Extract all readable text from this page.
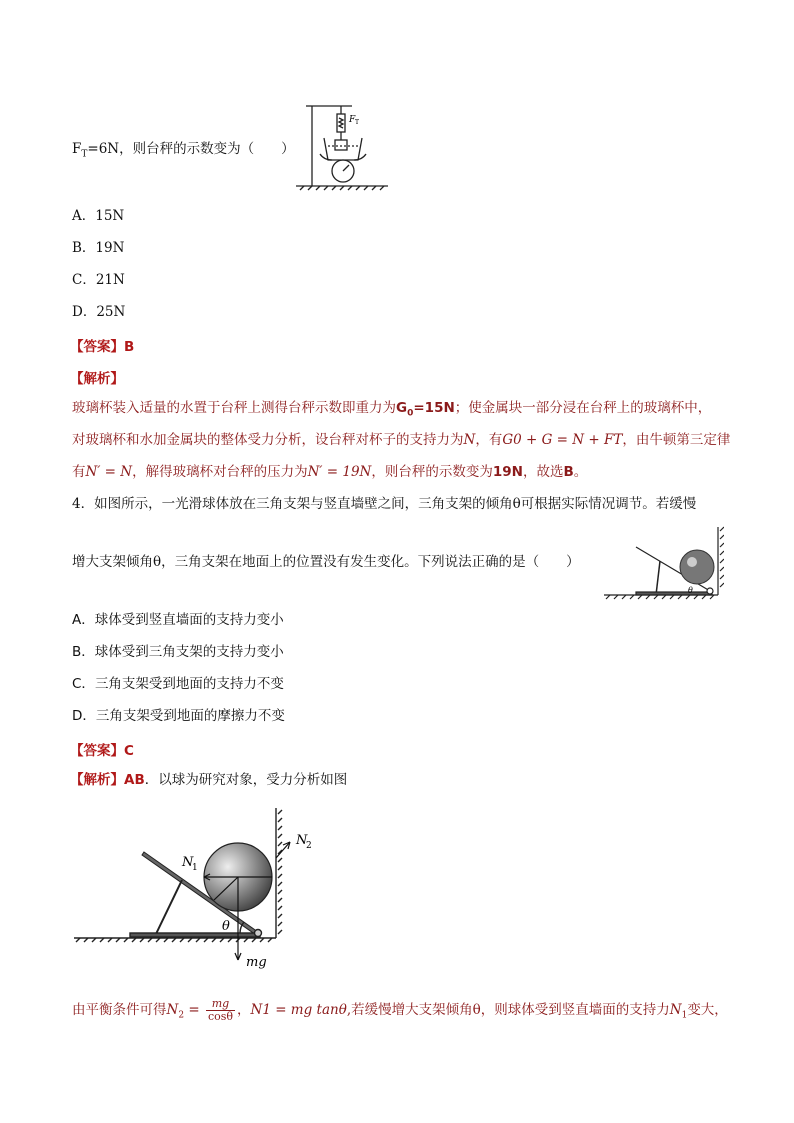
$F_T=6N$，则台秤的示数变为（　　）
F T
A．15N
B．19N
C．21N
D．25N
【答案】B
【解析】
玻璃杯装入适量的水置于台秤上测得台秤示数即重力为$G_0=15N$；使金属块一部分浸在台秤上的玻璃杯中，
对玻璃杯和水加金属块的整体受力分析，设台秤对杯子的支持力为N，有G0 + G = N + FT，由牛顿第三定律
有N′ = N，解得玻璃杯对台秤的压力为N′ = 19N，则台秤的示数变为19N，故选B。
4．如图所示，一光滑球体放在三角支架与竖直墙壁之间，三角支架的倾角θ可根据实际情况调节。若缓慢
增大支架倾角θ，三角支架在地面上的位置没有发生变化。下列说法正确的是（　　）
θ
A．球体受到竖直墙面的支持力变小
B．球体受到三角支架的支持力变小
C．三角支架受到地面的支持力不变
D．三角支架受到地面的摩擦力不变
【答案】C
【解析】AB．以球为研究对象，受力分析如图
N
1
N
2
θ
mg
由平衡条件可得$N_2 = \frac{mg}{\cos\theta}$ ，N1 = mg tanθ,若缓慢增大支架倾角θ，则球体受到竖直墙面的支持力$N_1$变大，
